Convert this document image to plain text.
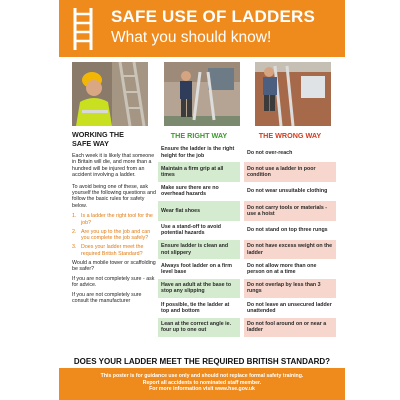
SAFE USE OF LADDERS
What you should know!
WORKING THE
SAFE WAY
Each week it is likely that someone in Britain will die, and more than a hundred will be injured from an accident involving a ladder.
To avoid being one of these, ask yourself the following questions and follow the basic rules for safety below.
1. Is a ladder the right tool for the job?
2. Are you up to the job and can you complete the job safely?
3. Does your ladder meet the required British Standard?
Would a mobile tower or scaffolding be safer?
If you are not completely sure - ask for advice.
If you are not completely sure consult the manufacturer
THE RIGHT WAY
Ensure the ladder is the right height for the job
Maintain a firm grip at all times
Make sure there are no overhead hazards
Wear flat shoes
Use a stand-off to avoid potential hazards
Ensure ladder is clean and not slippery
Always foot ladder on a firm level base
Have an adult at the base to stop any slipping
If possible, tie the ladder at top and bottom
Lean at the correct angle ie. four up to one out
THE WRONG WAY
Do not over-reach
Do not use a ladder in poor condition
Do not wear unsuitable clothing
Do not carry tools or materials - use a hoist
Do not stand on top three rungs
Do not have excess weight on the ladder
Do not allow more than one person on at a time
Do not overlap by less than 3 rungs
Do not leave an unsecured ladder unattended
Do not fool around on or near a ladder
DOES YOUR LADDER MEET THE REQUIRED BRITISH STANDARD?
This poster is for guidance use only and should not replace formal safety training.
Report all accidents to nominated staff member.
For more information visit www.hse.gov.uk
